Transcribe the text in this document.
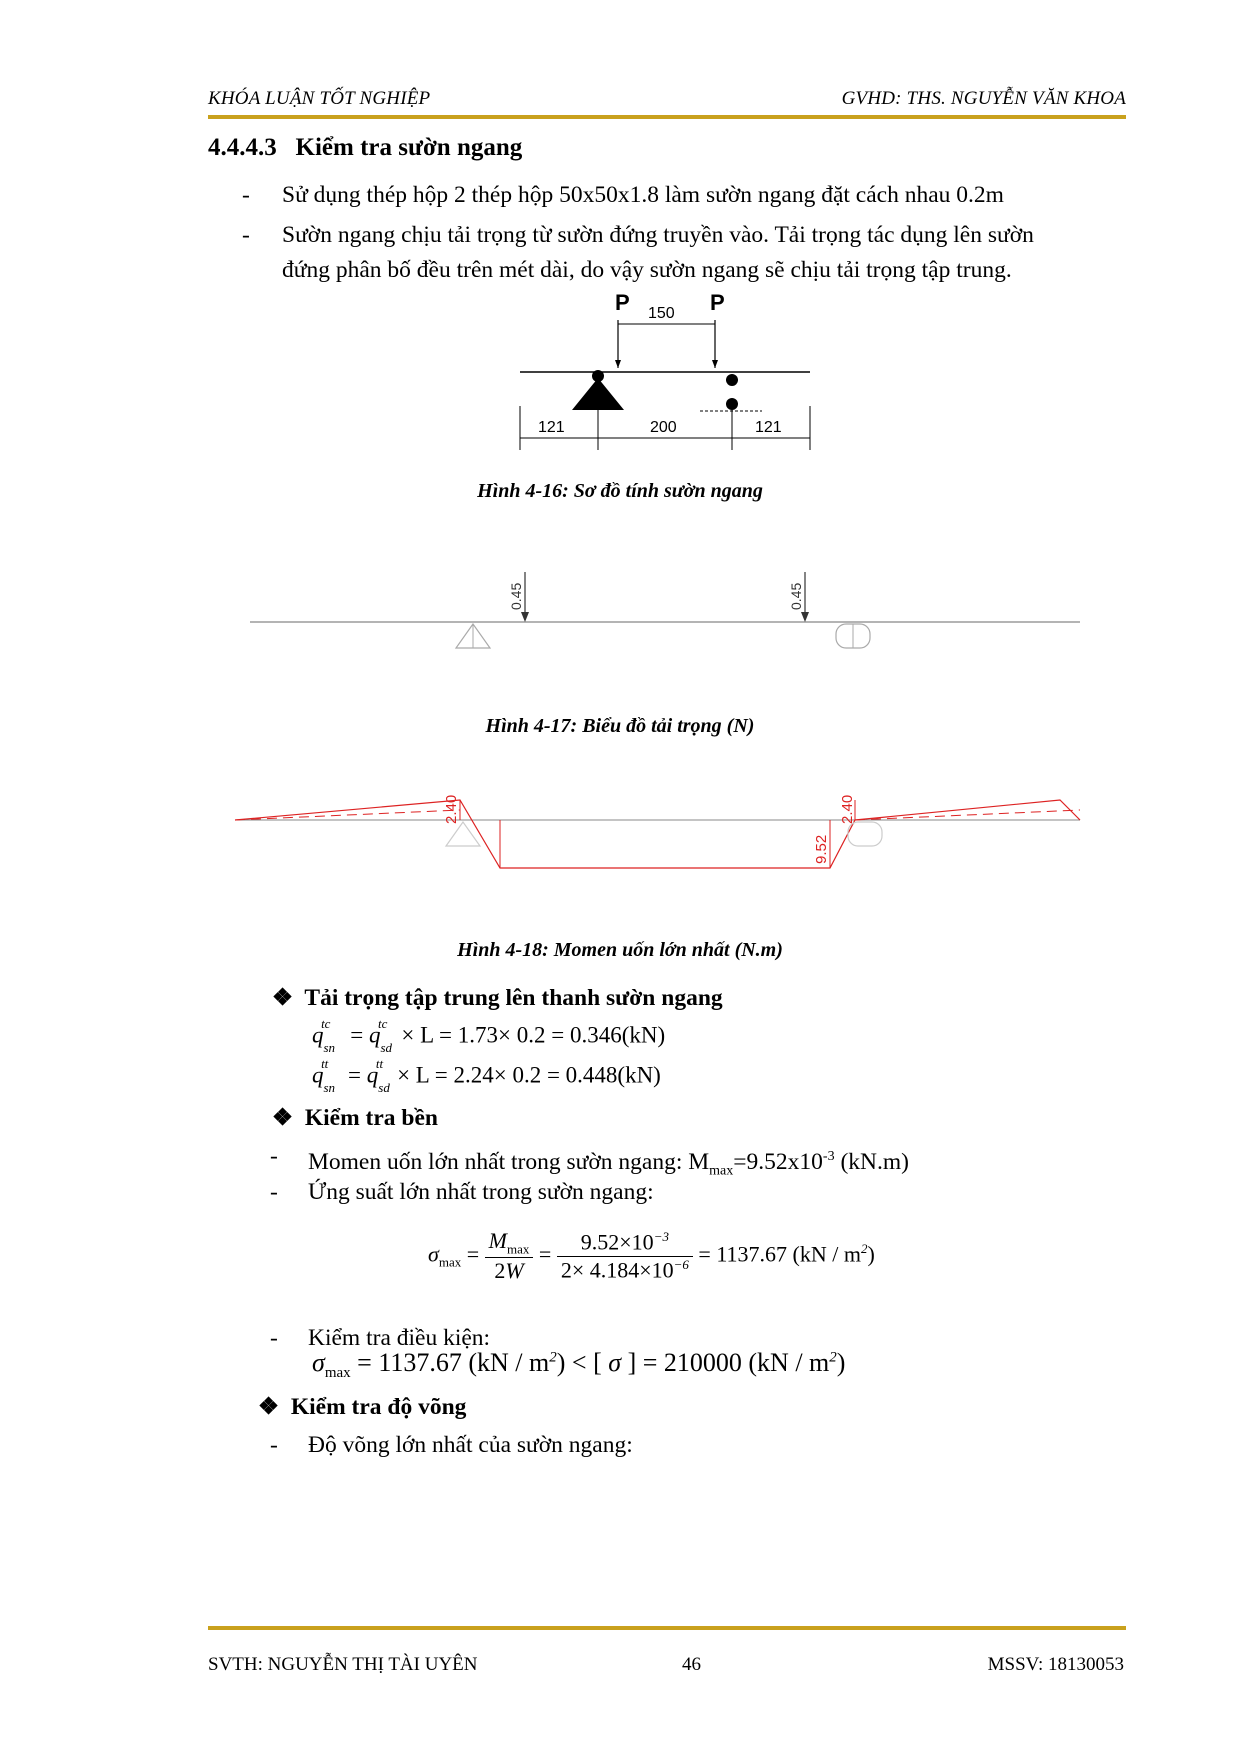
KHÓA LUẬN TỐT NGHIỆP	GVHD: THS. NGUYỄN VĂN KHOA
4.4.4.3 Kiểm tra sườn ngang
- Sử dụng thép hộp 2 thép hộp 50x50x1.8 làm sườn ngang đặt cách nhau 0.2m
- Sườn ngang chịu tải trọng từ sườn đứng truyền vào. Tải trọng tác dụng lên sườn
đứng phân bố đều trên mét dài, do vậy sườn ngang sẽ chịu tải trọng tập trung.
P	P
150
121	200	121
Hình 4-16: Sơ đồ tính sườn ngang
0.45	0.45
Hình 4-17: Biểu đồ tải trọng (N)
2.40
9.52
2.40
Hình 4-18: Momen uốn lớn nhất (N.m)
❖ Tải trọng tập trung lên thanh sườn ngang
$q_{sn}^{tc} = q_{sd}^{tc} \times L = 1.73\times 0.2 = 0.346(kN)$
$q_{sn}^{tt} = q_{sd}^{tt} \times L = 2.24\times 0.2 = 0.448(kN)$
❖ Kiểm tra bền
- Momen uốn lớn nhất trong sườn ngang: $M_{max}=9.52x10^{-3}$ (kN.m)
- Ứng suất lớn nhất trong sườn ngang:
$\sigma_{max} = \frac{M_{max}}{2W} = \frac{9.52\times 10^{-3}}{2\times 4.184\times 10^{-6}} = 1137.67$ $(kN / m^2)$
- Kiểm tra điều kiện:
$\sigma_{max} = 1137.67$ $(kN / m^2)$ < [ σ ] = 210000 $(kN / m^2)$
❖ Kiểm tra độ võng
- Độ võng lớn nhất của sườn ngang:
SVTH: NGUYỄN THỊ TÀI UYÊN	46	MSSV: 18130053
